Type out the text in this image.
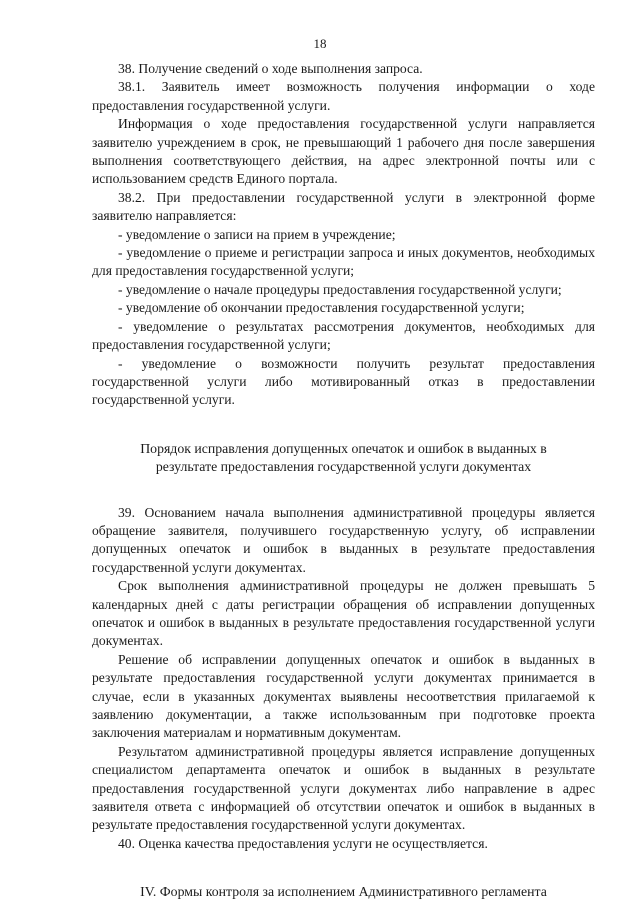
18

38. Получение сведений о ходе выполнения запроса.

38.1. Заявитель имеет возможность получения информации о ходе предоставления государственной услуги.

Информация о ходе предоставления государственной услуги направляется заявителю учреждением в срок, не превышающий 1 рабочего дня после завершения выполнения соответствующего действия, на адрес электронной почты или с использованием средств Единого портала.

38.2. При предоставлении государственной услуги в электронной форме заявителю направляется:

- уведомление о записи на прием в учреждение;

- уведомление о приеме и регистрации запроса и иных документов, необходимых для предоставления государственной услуги;

- уведомление о начале процедуры предоставления государственной услуги;

- уведомление об окончании предоставления государственной услуги;

- уведомление о результатах рассмотрения документов, необходимых для предоставления государственной услуги;

- уведомление о возможности получить результат предоставления государственной услуги либо мотивированный отказ в предоставлении государственной услуги.

Порядок исправления допущенных опечаток и ошибок в выданных в

результате предоставления государственной услуги документах

39. Основанием начала выполнения административной процедуры является обращение заявителя, получившего государственную услугу, об исправлении допущенных опечаток и ошибок в выданных в результате предоставления государственной услуги документах.

Срок выполнения административной процедуры не должен превышать 5 календарных дней с даты регистрации обращения об исправлении допущенных опечаток и ошибок в выданных в результате предоставления государственной услуги документах.

Решение об исправлении допущенных опечаток и ошибок в выданных в результате предоставления государственной услуги документах принимается в случае, если в указанных документах выявлены несоответствия прилагаемой к заявлению документации, а также использованным при подготовке проекта заключения материалам и нормативным документам.

Результатом административной процедуры является исправление допущенных специалистом департамента опечаток и ошибок в выданных в результате предоставления государственной услуги документах либо направление в адрес заявителя ответа с информацией об отсутствии опечаток и ошибок в выданных в результате предоставления государственной услуги документах.

40. Оценка качества предоставления услуги не осуществляется.

IV. Формы контроля за исполнением Административного регламента
